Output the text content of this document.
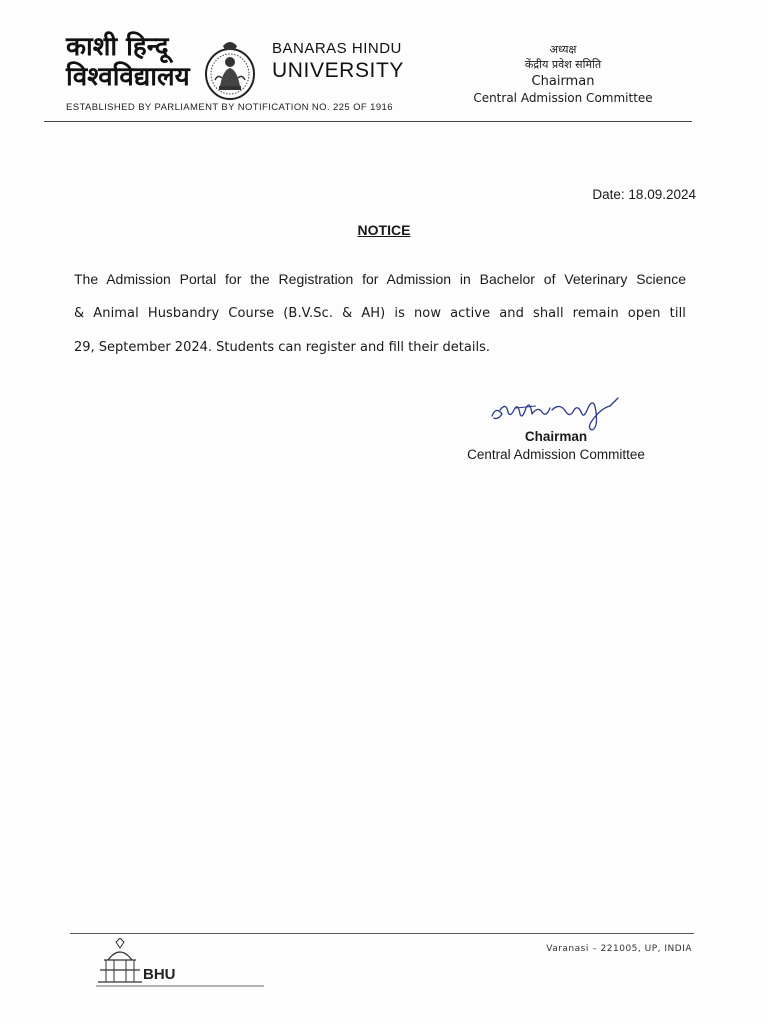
काशी हिन्दू
विश्वविद्यालय
BANARAS HINDU
UNIVERSITY
ESTABLISHED BY PARLIAMENT BY NOTIFICATION NO. 225 OF 1916
अध्यक्ष
केंद्रीय प्रवेश समिति
Chairman
Central Admission Committee
Date: 18.09.2024
NOTICE
The Admission Portal for the Registration for Admission in Bachelor of Veterinary Science
& Animal Husbandry Course (B.V.Sc. & AH) is now active and shall remain open till
29, September 2024. Students can register and fill their details.
Chairman
Central Admission Committee
Varanasi – 221005, UP, INDIA
BHU
